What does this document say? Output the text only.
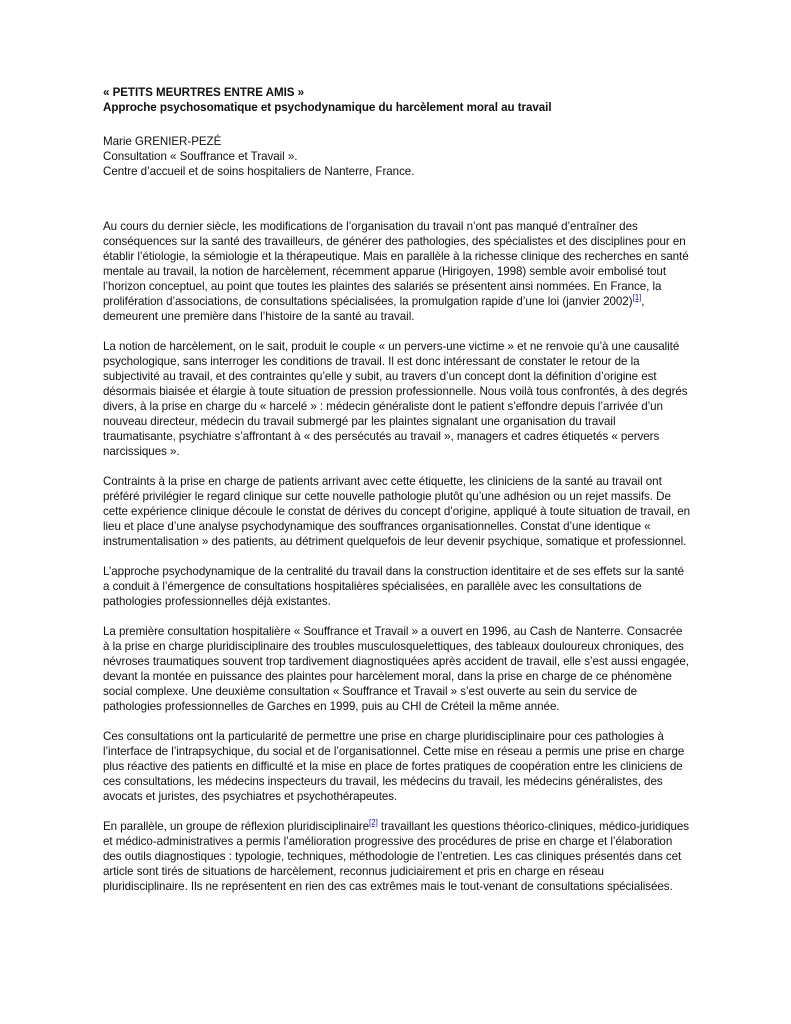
« PETITS MEURTRES ENTRE AMIS »
Approche psychosomatique et psychodynamique du harcèlement moral au travail
Marie GRENIER-PEZÉ
Consultation « Souffrance et Travail ».
Centre d’accueil et de soins hospitaliers de Nanterre, France.

Au cours du dernier siècle, les modifications de l’organisation du travail n’ont pas manqué d’entraîner des conséquences sur la santé des travailleurs, de générer des pathologies, des spécialistes et des disciplines pour en établir l’étiologie, la sémiologie et la thérapeutique. Mais en parallèle à la richesse clinique des recherches en santé mentale au travail, la notion de harcèlement, récemment apparue (Hirigoyen, 1998) semble avoir embolisé tout l’horizon conceptuel, au point que toutes les plaintes des salariés se présentent ainsi nommées. En France, la prolifération d’associations, de consultations spécialisées, la promulgation rapide d’une loi (janvier 2002)[1], demeurent une première dans l’histoire de la santé au travail.

La notion de harcèlement, on le sait, produit le couple « un pervers-une victime » et ne renvoie qu’à une causalité psychologique, sans interroger les conditions de travail. Il est donc intéressant de constater le retour de la subjectivité au travail, et des contraintes qu’elle y subit, au travers d’un concept dont la définition d’origine est désormais biaisée et élargie à toute situation de pression professionnelle. Nous voilà tous confrontés, à des degrés divers, à la prise en charge du « harcelé » : médecin généraliste dont le patient s’effondre depuis l’arrivée d’un nouveau directeur, médecin du travail submergé par les plaintes signalant une organisation du travail traumatisante, psychiatre s’affrontant à « des persécutés au travail », managers et cadres étiquetés « pervers narcissiques ».

Contraints à la prise en charge de patients arrivant avec cette étiquette, les cliniciens de la santé au travail ont préféré privilégier le regard clinique sur cette nouvelle pathologie plutôt qu’une adhésion ou un rejet massifs. De cette expérience clinique découle le constat de dérives du concept d’origine, appliqué à toute situation de travail, en lieu et place d’une analyse psychodynamique des souffrances organisationnelles. Constat d’une identique « instrumentalisation » des patients, au détriment quelquefois de leur devenir psychique, somatique et professionnel.

L’approche psychodynamique de la centralité du travail dans la construction identitaire et de ses effets sur la santé a conduit à l’émergence de consultations hospitalières spécialisées, en parallèle avec les consultations de pathologies professionnelles déjà existantes.

La première consultation hospitalière « Souffrance et Travail » a ouvert en 1996, au Cash de Nanterre. Consacrée à la prise en charge pluridisciplinaire des troubles musculosquelettiques, des tableaux douloureux chroniques, des névroses traumatiques souvent trop tardivement diagnostiquées après accident de travail, elle s’est aussi engagée, devant la montée en puissance des plaintes pour harcèlement moral, dans la prise en charge de ce phénomène social complexe. Une deuxième consultation « Souffrance et Travail » s’est ouverte au sein du service de pathologies professionnelles de Garches en 1999, puis au CHI de Créteil la même année.

Ces consultations ont la particularité de permettre une prise en charge pluridisciplinaire pour ces pathologies à l’interface de l’intrapsychique, du social et de l’organisationnel. Cette mise en réseau a permis une prise en charge plus réactive des patients en difficulté et la mise en place de fortes pratiques de coopération entre les cliniciens de ces consultations, les médecins inspecteurs du travail, les médecins du travail, les médecins généralistes, des avocats et juristes, des psychiatres et psychothérapeutes.

En parallèle, un groupe de réflexion pluridisciplinaire[2] travaillant les questions théorico-cliniques, médico-juridiques et médico-administratives a permis l’amélioration progressive des procédures de prise en charge et l’élaboration des outils diagnostiques : typologie, techniques, méthodologie de l’entretien. Les cas cliniques présentés dans cet article sont tirés de situations de harcèlement, reconnus judiciairement et pris en charge en réseau pluridisciplinaire. Ils ne représentent en rien des cas extrêmes mais le tout-venant de consultations spécialisées.
